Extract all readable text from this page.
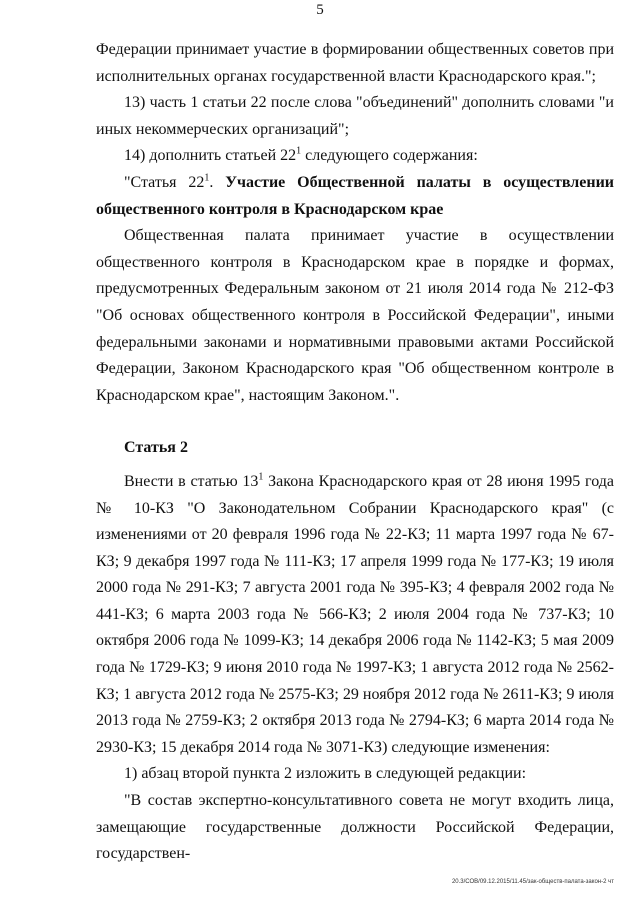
5

Федерации принимает участие в формировании общественных советов при исполнительных органах государственной власти Краснодарского края.";

13) часть 1 статьи 22 после слова "объединений" дополнить словами "и иных некоммерческих организаций";

14) дополнить статьей $22^1$ следующего содержания:

"Статья $22^1$. Участие Общественной палаты в осуществлении общественного контроля в Краснодарском крае

Общественная палата принимает участие в осуществлении общественного контроля в Краснодарском крае в порядке и формах, предусмотренных Федеральным законом от 21 июля 2014 года № 212-ФЗ "Об основах общественного контроля в Российской Федерации", иными федеральными законами и нормативными правовыми актами Российской Федерации, Законом Краснодарского края "Об общественном контроле в Краснодарском крае", настоящим Законом.".

Статья 2

Внести в статью $13^1$ Закона Краснодарского края от 28 июня 1995 года № 10-КЗ "О Законодательном Собрании Краснодарского края" (с изменениями от 20 февраля 1996 года № 22-КЗ; 11 марта 1997 года № 67-КЗ; 9 декабря 1997 года № 111-КЗ; 17 апреля 1999 года № 177-КЗ; 19 июля 2000 года № 291-КЗ; 7 августа 2001 года № 395-КЗ; 4 февраля 2002 года № 441-КЗ; 6 марта 2003 года № 566-КЗ; 2 июля 2004 года № 737-КЗ; 10 октября 2006 года № 1099-КЗ; 14 декабря 2006 года № 1142-КЗ; 5 мая 2009 года № 1729-КЗ; 9 июня 2010 года № 1997-КЗ; 1 августа 2012 года № 2562-КЗ; 1 августа 2012 года № 2575-КЗ; 29 ноября 2012 года № 2611-КЗ; 9 июля 2013 года № 2759-КЗ; 2 октября 2013 года № 2794-КЗ; 6 марта 2014 года № 2930-КЗ; 15 декабря 2014 года № 3071-КЗ) следующие изменения:

1) абзац второй пункта 2 изложить в следующей редакции:

"В состав экспертно-консультативного совета не могут входить лица, замещающие государственные должности Российской Федерации, государствен-

20.3/СОВ/09.12.2015/11.45/зак-обществ-палата-закон-2 чт
